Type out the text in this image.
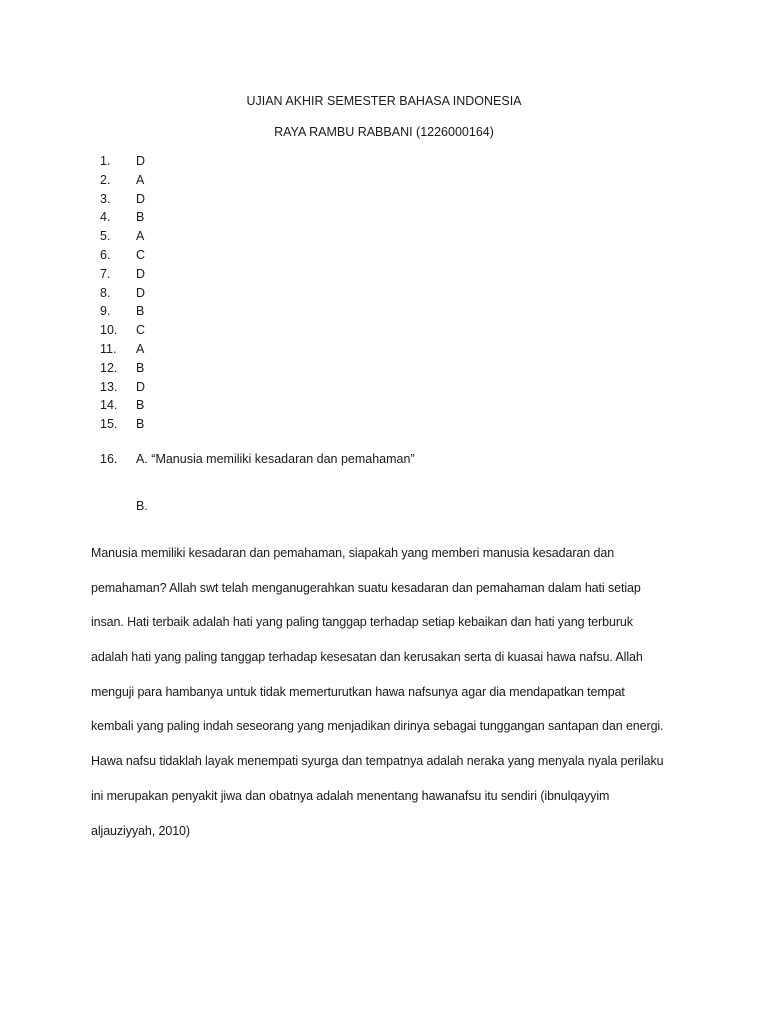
UJIAN AKHIR SEMESTER BAHASA INDONESIA
RAYA RAMBU RABBANI (1226000164)
1. D
2. A
3. D
4. B
5. A
6. C
7. D
8. D
9. B
10. C
11. A
12. B
13. D
14. B
15. B
16. A. “Manusia memiliki kesadaran dan pemahaman”
B.
Manusia memiliki kesadaran dan pemahaman, siapakah yang memberi manusia kesadaran dan
pemahaman? Allah swt telah menganugerahkan suatu kesadaran dan pemahaman dalam hati setiap
insan. Hati terbaik adalah hati yang paling tanggap terhadap setiap kebaikan dan hati yang terburuk
adalah hati yang paling tanggap terhadap kesesatan dan kerusakan serta di kuasai hawa nafsu. Allah
menguji para hambanya untuk tidak memerturutkan hawa nafsunya agar dia mendapatkan tempat
kembali yang paling indah seseorang yang menjadikan dirinya sebagai tunggangan santapan dan energi.
Hawa nafsu tidaklah layak menempati syurga dan tempatnya adalah neraka yang menyala nyala perilaku
ini merupakan penyakit jiwa dan obatnya adalah menentang hawanafsu itu sendiri (ibnulqayyim
aljauziyyah, 2010)
